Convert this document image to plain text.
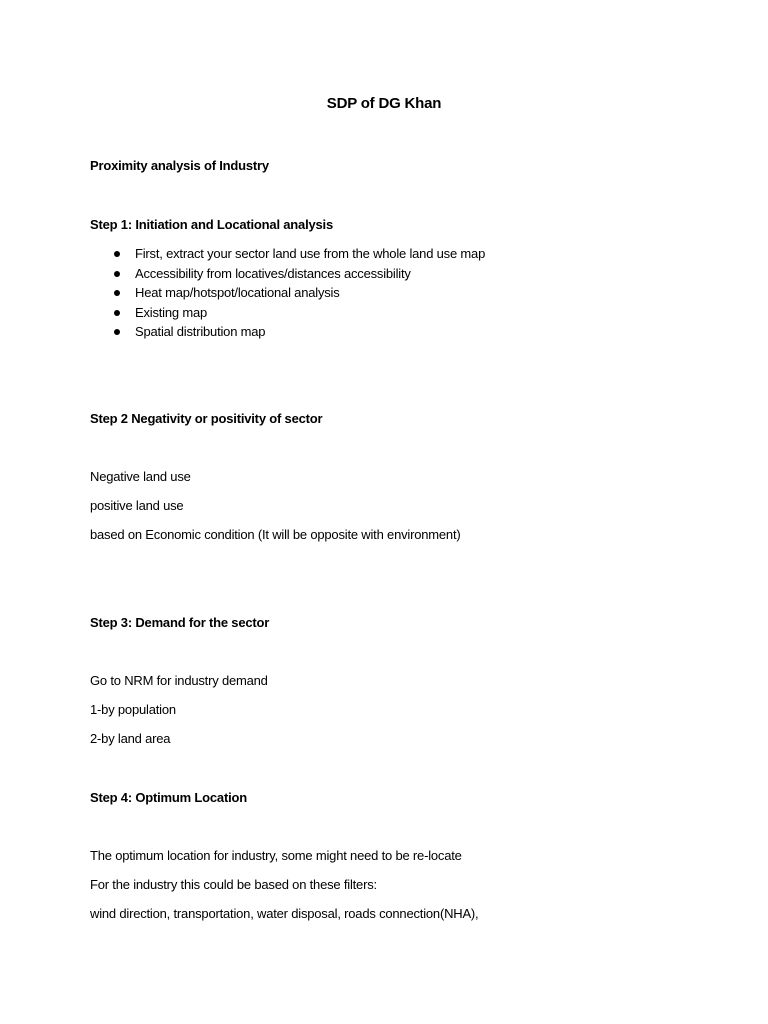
SDP of DG Khan
Proximity analysis of Industry
Step 1: Initiation and Locational analysis
First, extract your sector land use from the whole land use map
Accessibility from locatives/distances accessibility
Heat map/hotspot/locational analysis
Existing map
Spatial distribution map
Step 2 Negativity or positivity of sector
Negative land use
positive land use
based on Economic condition (It will be opposite with environment)
Step 3: Demand for the sector
Go to NRM for industry demand
1-by population
2-by land area
Step 4: Optimum Location
The optimum location for industry, some might need to be re-locate
For the industry this could be based on these filters:
wind direction, transportation, water disposal, roads connection(NHA),
